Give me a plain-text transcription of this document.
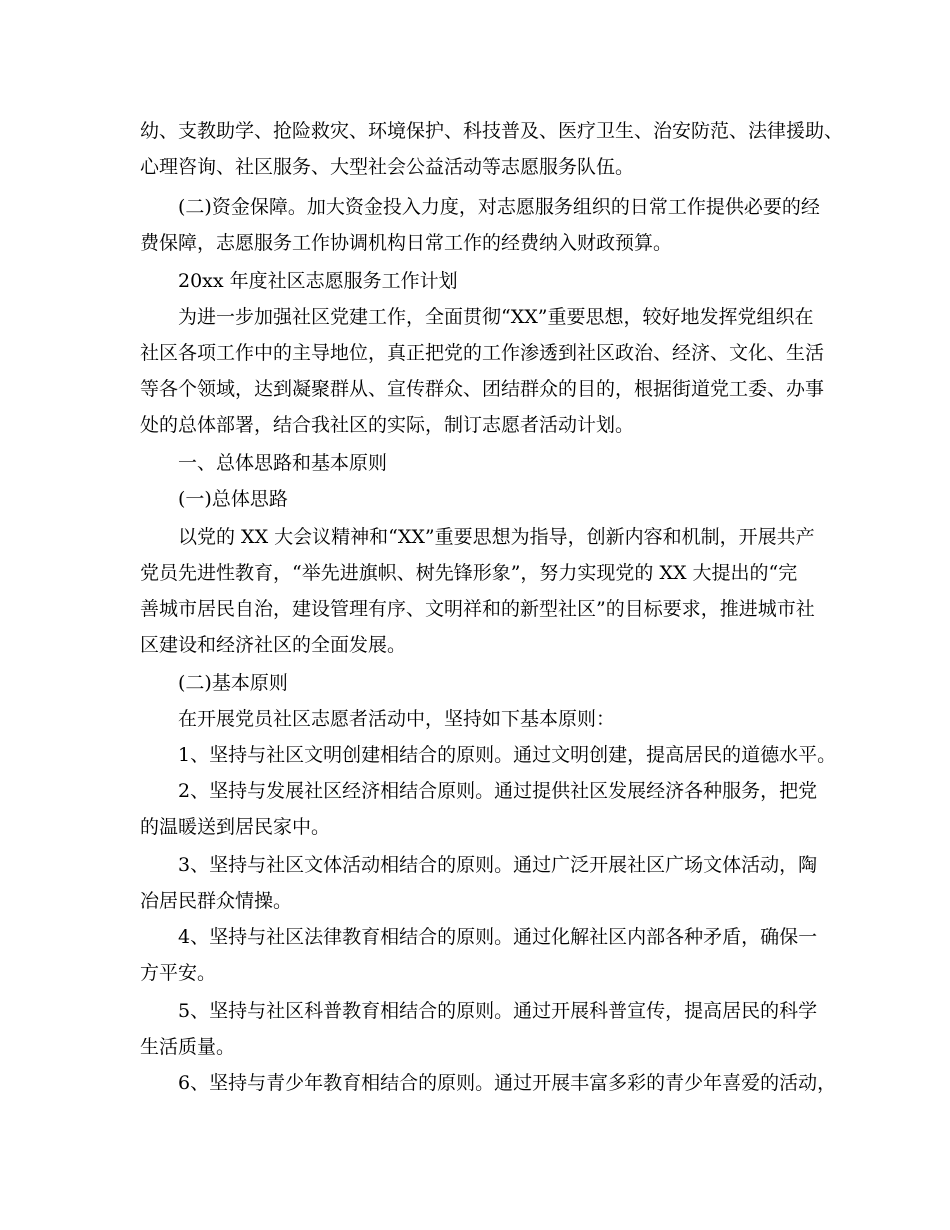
幼、支教助学、抢险救灾、环境保护、科技普及、医疗卫生、治安防范、法律援助、
心理咨询、社区服务、大型社会公益活动等志愿服务队伍。
(二)资金保障。加大资金投入力度，对志愿服务组织的日常工作提供必要的经
费保障，志愿服务工作协调机构日常工作的经费纳入财政预算。
20xx 年度社区志愿服务工作计划
为进一步加强社区党建工作，全面贯彻“XX”重要思想，较好地发挥党组织在
社区各项工作中的主导地位，真正把党的工作渗透到社区政治、经济、文化、生活
等各个领域，达到凝聚群从、宣传群众、团结群众的目的，根据街道党工委、办事
处的总体部署，结合我社区的实际，制订志愿者活动计划。
一、总体思路和基本原则
(一)总体思路
以党的 XX 大会议精神和“XX”重要思想为指导，创新内容和机制，开展共产
党员先进性教育，“举先进旗帜、树先锋形象”，努力实现党的 XX 大提出的“完
善城市居民自治，建设管理有序、文明祥和的新型社区”的目标要求，推进城市社
区建设和经济社区的全面发展。
(二)基本原则
在开展党员社区志愿者活动中，坚持如下基本原则：
1、坚持与社区文明创建相结合的原则。通过文明创建，提高居民的道德水平。
2、坚持与发展社区经济相结合原则。通过提供社区发展经济各种服务，把党
的温暖送到居民家中。
3、坚持与社区文体活动相结合的原则。通过广泛开展社区广场文体活动，陶
冶居民群众情操。
4、坚持与社区法律教育相结合的原则。通过化解社区内部各种矛盾，确保一
方平安。
5、坚持与社区科普教育相结合的原则。通过开展科普宣传，提高居民的科学
生活质量。
6、坚持与青少年教育相结合的原则。通过开展丰富多彩的青少年喜爱的活动，
